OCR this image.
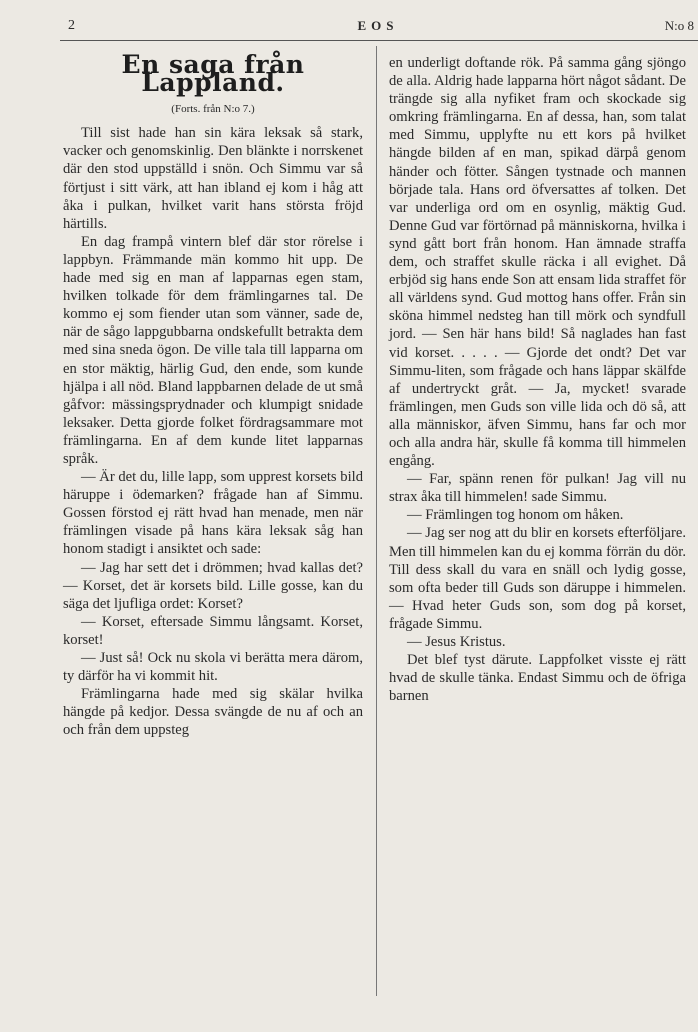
2	EOS	N:o 8
En saga från Lappland.
(Forts. från N:o 7.)

Till sist hade han sin kära leksak så stark, vacker och genomskinlig. Den blänkte i norrskenet där den stod uppställd i snön. Och Simmu var så förtjust i sitt värk, att han ibland ej kom i håg att åka i pulkan, hvilket varit hans största fröjd härtills.

En dag frampå vintern blef där stor rörelse i lappbyn. Främmande män kommo hit upp. De hade med sig en man af lapparnas egen stam, hvilken tolkade för dem främlingarnes tal. De kommo ej som fiender utan som vänner, sade de, när de sågo lappgubbarna ondskefullt betrakta dem med sina sneda ögon. De ville tala till lapparna om en stor mäktig, härlig Gud, den ende, som kunde hjälpa i all nöd. Bland lappbarnen delade de ut små gåfvor: mässingsprydnader och klumpigt snidade leksaker. Detta gjorde folket fördragsammare mot främlingarna. En af dem kunde litet lapparnas språk.

— Är det du, lille lapp, som upprest korsets bild häruppe i ödemarken? frågade han af Simmu. Gossen förstod ej rätt hvad han menade, men när främlingen visade på hans kära leksak såg han honom stadigt i ansiktet och sade:

— Jag har sett det i drömmen; hvad kallas det? — Korset, det är korsets bild. Lille gosse, kan du säga det ljufliga ordet: Korset?

— Korset, eftersade Simmu långsamt. Korset, korset!

— Just så! Ock nu skola vi berätta mera därom, ty därför ha vi kommit hit.

Främlingarna hade med sig skälar hvilka hängde på kedjor. Dessa svängde de nu af och an och från dem uppsteg

en underligt doftande rök. På samma gång sjöngo de alla. Aldrig hade lapparna hört något sådant. De trängde sig alla nyfiket fram och skockade sig omkring främlingarna. En af dessa, han, som talat med Simmu, upplyfte nu ett kors på hvilket hängde bilden af en man, spikad därpå genom händer och fötter. Sången tystnade och mannen började tala. Hans ord öfversattes af tolken. Det var underliga ord om en osynlig, mäktig Gud. Denne Gud var förtörnad på människorna, hvilka i synd gått bort från honom. Han ämnade straffa dem, och straffet skulle räcka i all evighet. Då erbjöd sig hans ende Son att ensam lida straffet för all världens synd. Gud mottog hans offer. Från sin sköna himmel nedsteg han till mörk och syndfull jord. — Sen här hans bild! Så naglades han fast vid korset. . . . . — Gjorde det ondt? Det var Simmu-liten, som frågade och hans läppar skälfde af undertryckt gråt. — Ja, mycket! svarade främlingen, men Guds son ville lida och dö så, att alla människor, äfven Simmu, hans far och mor och alla andra här, skulle få komma till himmelen engång.

— Far, spänn renen för pulkan! Jag vill nu strax åka till himmelen! sade Simmu.

— Främlingen tog honom om håken.

— Jag ser nog att du blir en korsets efterföljare. Men till himmelen kan du ej komma förrän du dör. Till dess skall du vara en snäll och lydig gosse, som ofta beder till Guds son däruppe i himmelen. — Hvad heter Guds son, som dog på korset, frågade Simmu.

— Jesus Kristus.

Det blef tyst därute. Lappfolket visste ej rätt hvad de skulle tänka. Endast Simmu och de öfriga barnen
